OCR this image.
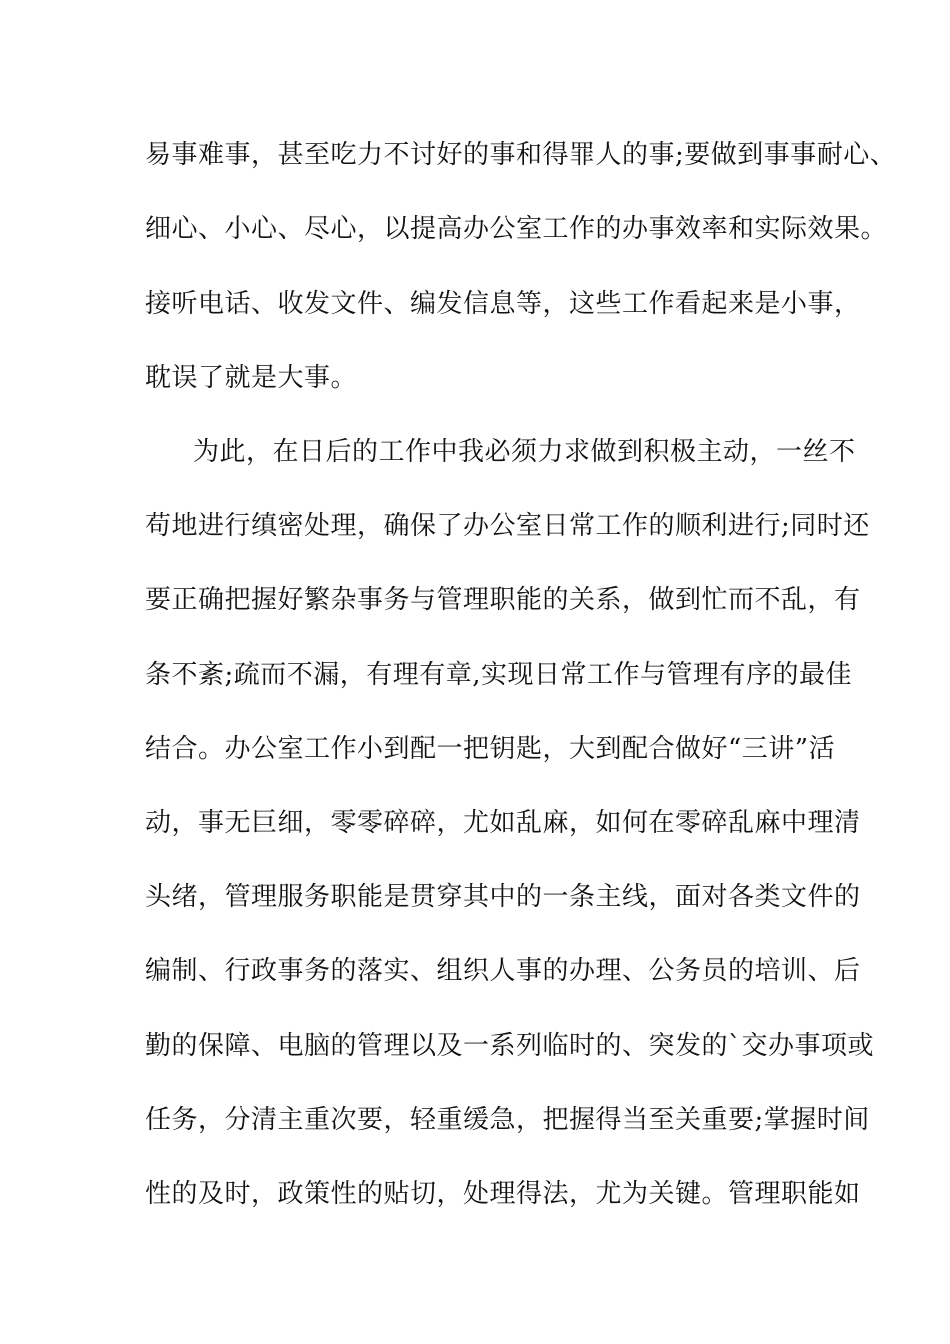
易事难事，甚至吃力不讨好的事和得罪人的事;要做到事事耐心、
细心、小心、尽心，以提高办公室工作的办事效率和实际效果。
接听电话、收发文件、编发信息等，这些工作看起来是小事，
耽误了就是大事。
为此，在日后的工作中我必须力求做到积极主动，一丝不
苟地进行缜密处理，确保了办公室日常工作的顺利进行;同时还
要正确把握好繁杂事务与管理职能的关系，做到忙而不乱，有
条不紊;疏而不漏，有理有章,实现日常工作与管理有序的最佳
结合。办公室工作小到配一把钥匙，大到配合做好“三讲”活
动，事无巨细，零零碎碎，尤如乱麻，如何在零碎乱麻中理清
头绪，管理服务职能是贯穿其中的一条主线，面对各类文件的
编制、行政事务的落实、组织人事的办理、公务员的培训、后
勤的保障、电脑的管理以及一系列临时的、突发的`交办事项或
任务，分清主重次要，轻重缓急，把握得当至关重要;掌握时间
性的及时，政策性的贴切，处理得法，尤为关键。管理职能如
